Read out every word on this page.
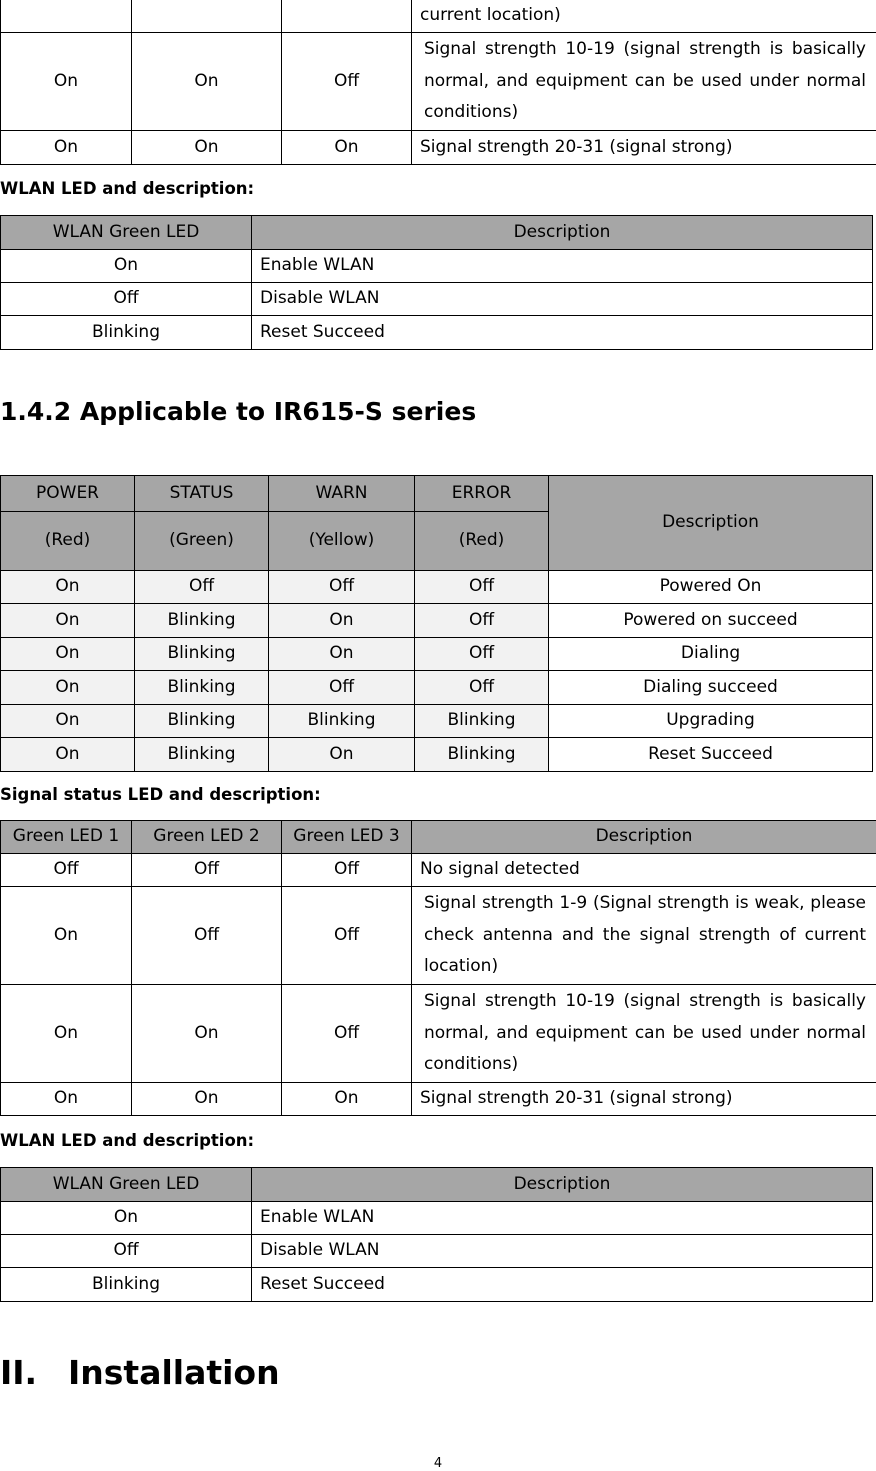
			current location)
On	On	Off	Signal strength 10-19 (signal strength is basically normal, and equipment can be used under normal conditions)
On	On	On	Signal strength 20-31 (signal strong)

WLAN LED and description:

WLAN Green LED	Description
On	Enable WLAN
Off	Disable WLAN
Blinking	Reset Succeed
1.4.2 Applicable to IR615-S series
POWER	STATUS	WARN	ERROR	Description
(Red)	(Green)	(Yellow)	(Red)	
On	Off	Off	Off	Powered On
On	Blinking	On	Off	Powered on succeed
On	Blinking	On	Off	Dialing
On	Blinking	Off	Off	Dialing succeed
On	Blinking	Blinking	Blinking	Upgrading
On	Blinking	On	Blinking	Reset Succeed

Signal status LED and description:

Green LED 1	Green LED 2	Green LED 3	Description
Off	Off	Off	No signal detected
On	Off	Off	Signal strength 1-9 (Signal strength is weak, please check antenna and the signal strength of current location)
On	On	Off	Signal strength 10-19 (signal strength is basically normal, and equipment can be used under normal conditions)
On	On	On	Signal strength 20-31 (signal strong)

WLAN LED and description:

WLAN Green LED	Description
On	Enable WLAN
Off	Disable WLAN
Blinking	Reset Succeed
II. Installation
4
